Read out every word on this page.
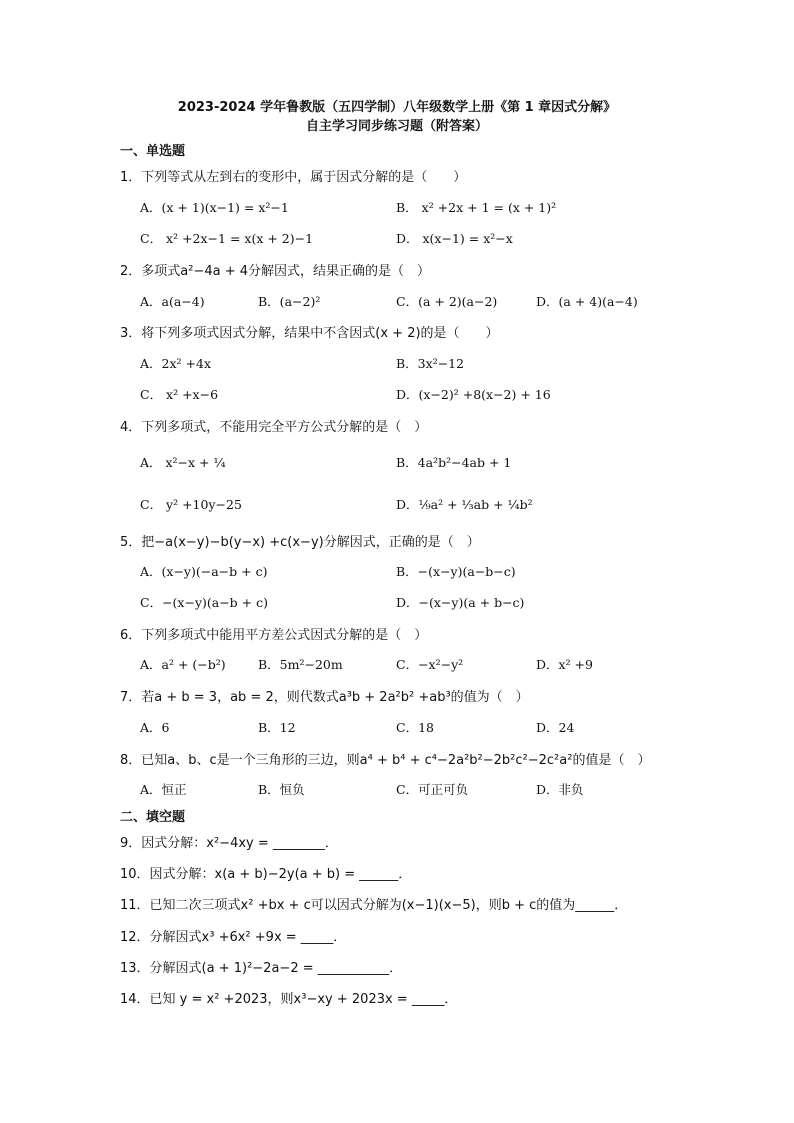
2023-2024 学年鲁教版（五四学制）八年级数学上册《第 1 章因式分解》
自主学习同步练习题（附答案）
一、单选题
1．下列等式从左到右的变形中，属于因式分解的是（　　）
A．(x + 1)(x−1) = x²−1	B． x² +2x + 1 = (x + 1)²
C． x² +2x−1 = x(x + 2)−1	D． x(x−1) = x²−x
2．多项式a²−4a + 4分解因式，结果正确的是（　）
A．a(a−4)	B．(a−2)²	C．(a + 2)(a−2)	D．(a + 4)(a−4)
3．将下列多项式因式分解，结果中不含因式(x + 2)的是（　　）
A．2x² +4x	B．3x²−12
C． x² +x−6	D．(x−2)² +8(x−2) + 16
4．下列多项式，不能用完全平方公式分解的是（　）
A． x²−x + ¼	B．4a²b²−4ab + 1
C． y² +10y−25	D．⅑a² + ⅓ab + ¼b²
5．把−a(x−y)−b(y−x) +c(x−y)分解因式，正确的是（　）
A．(x−y)(−a−b + c)	B．−(x−y)(a−b−c)
C．−(x−y)(a−b + c)	D．−(x−y)(a + b−c)
6．下列多项式中能用平方差公式因式分解的是（　）
A．a² + (−b²)	B．5m²−20m	C．−x²−y²	D．x² +9
7．若a + b = 3，ab = 2，则代数式a³b + 2a²b² +ab³的值为（　）
A．6	B．12	C．18	D．24
8．已知a、b、c是一个三角形的三边，则a⁴ + b⁴ + c⁴−2a²b²−2b²c²−2c²a²的值是（　）
A．恒正	B．恒负	C．可正可负	D．非负
二、填空题
9．因式分解：x²−4xy = ________．
10．因式分解：x(a + b)−2y(a + b) = ______．
11．已知二次三项式x² +bx + c可以因式分解为(x−1)(x−5)，则b + c的值为______．
12．分解因式x³ +6x² +9x = _____．
13．分解因式(a + 1)²−2a−2 = ___________．
14．已知 y = x² +2023，则x³−xy + 2023x = _____．
